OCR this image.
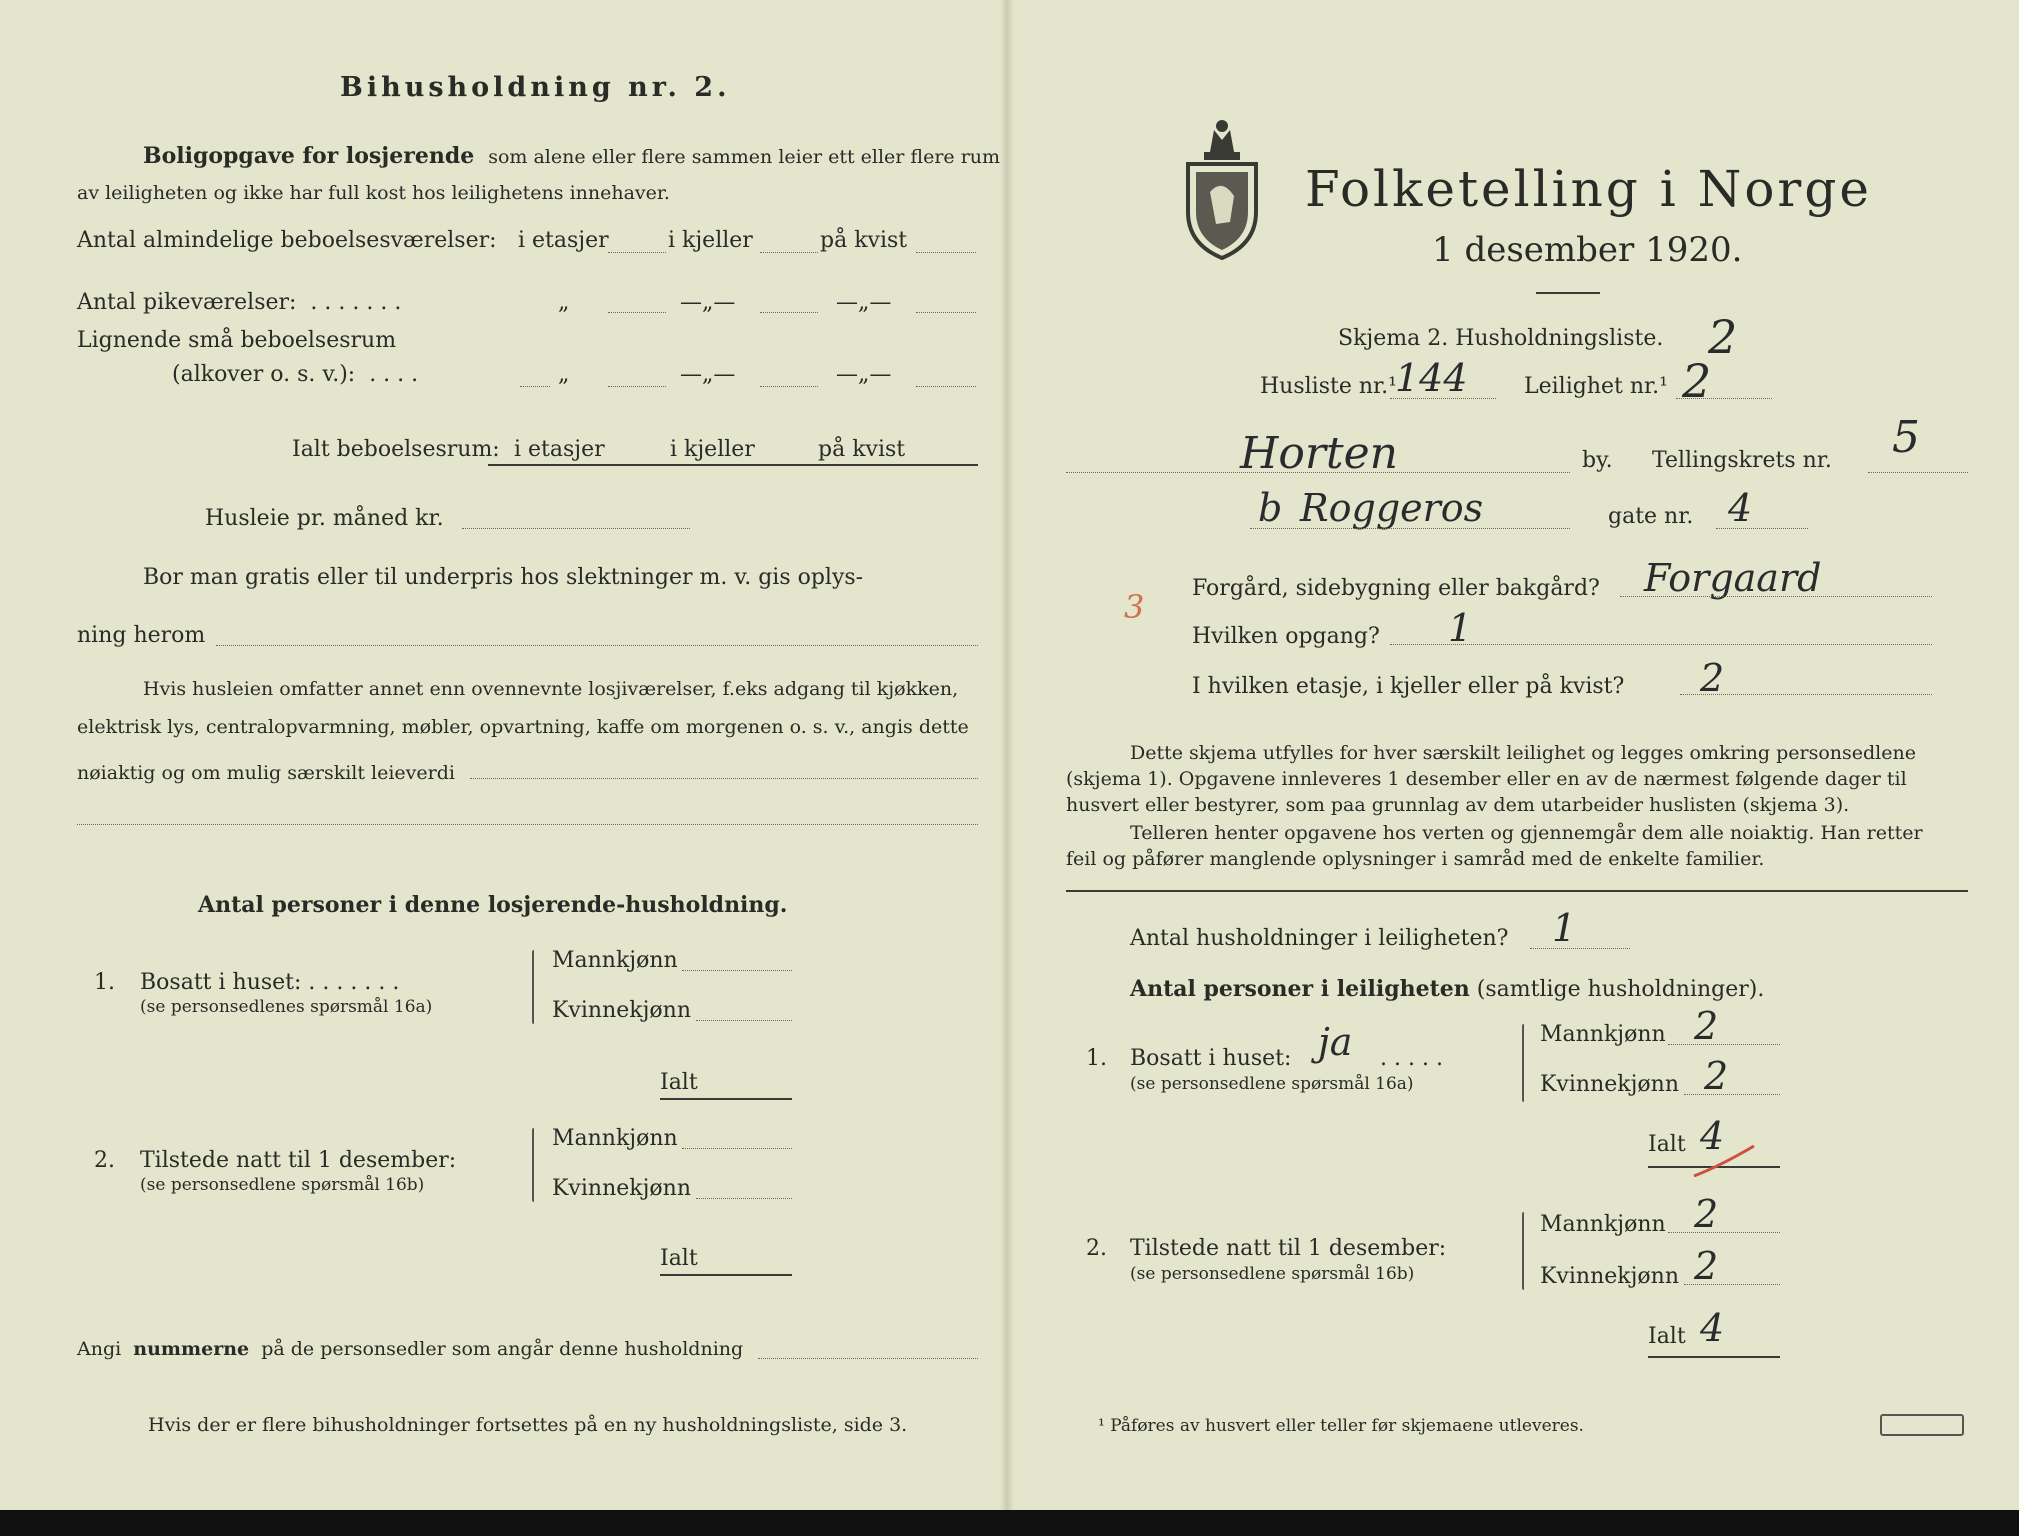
Bihusholdning nr. 2.
Boligopgave for losjerende som alene eller flere sammen leier ett eller flere rum
av leiligheten og ikke har full kost hos leilighetens innehaver.
Antal almindelige beboelsesværelser: i etasjer	i kjeller	på kvist
Antal pikeværelser:  . . . . . . .	„	—„—	—„—
Lignende små beboelsesrum
(alkover o. s. v.):  . . . .	„	—„—	—„—
Ialt beboelsesrum: i etasjer	i kjeller	på kvist
Husleie pr. måned kr.
Bor man gratis eller til underpris hos slektninger m. v. gis oplys-
ning herom
Hvis husleien omfatter annet enn ovennevnte losjiværelser, f.eks adgang til kjøkken,
elektrisk lys, centralopvarmning, møbler, opvartning, kaffe om morgenen o. s. v., angis dette
nøiaktig og om mulig særskilt leieverdi
Antal personer i denne losjerende-husholdning.
1. Bosatt i huset: . . . . . . .
(se personsedlenes spørsmål 16a)
Mannkjønn
Kvinnekjønn
Ialt
2. Tilstede natt til 1 desember:
(se personsedlene spørsmål 16b)
Mannkjønn
Kvinnekjønn
Ialt
Angi nummerne på de personsedler som angår denne husholdning
Hvis der er flere bihusholdninger fortsettes på en ny husholdningsliste, side 3.
Folketelling i Norge
1 desember 1920.
Skjema 2. Husholdningsliste. 2
Husliste nr.¹
144	Leilighet nr.¹ 2
Horten	by. Tellingskrets nr. 5
b Roggeros	gate nr. 4
Forgård, sidebygning eller bakgård? Forgaard
3
Hvilken opgang? 1
I hvilken etasje, i kjeller eller på kvist? 2
Dette skjema utfylles for hver særskilt leilighet og legges omkring personsedlene
(skjema 1). Opgavene innleveres 1 desember eller en av de nærmest følgende dager til
husvert eller bestyrer, som paa grunnlag av dem utarbeider huslisten (skjema 3).
Telleren henter opgavene hos verten og gjennemgår dem alle noiaktig. Han retter
feil og påfører manglende oplysninger i samråd med de enkelte familier.
Antal husholdninger i leiligheten? 1
Antal personer i leiligheten (samtlige husholdninger).
1. Bosatt i huset: ja . . . . .
(se personsedlene spørsmål 16a)
Mannkjønn 2
Kvinnekjønn 2
Ialt 4
2. Tilstede natt til 1 desember:
(se personsedlene spørsmål 16b)
Mannkjønn 2
Kvinnekjønn 2
Ialt 4
¹ Påføres av husvert eller teller før skjemaene utleveres.
